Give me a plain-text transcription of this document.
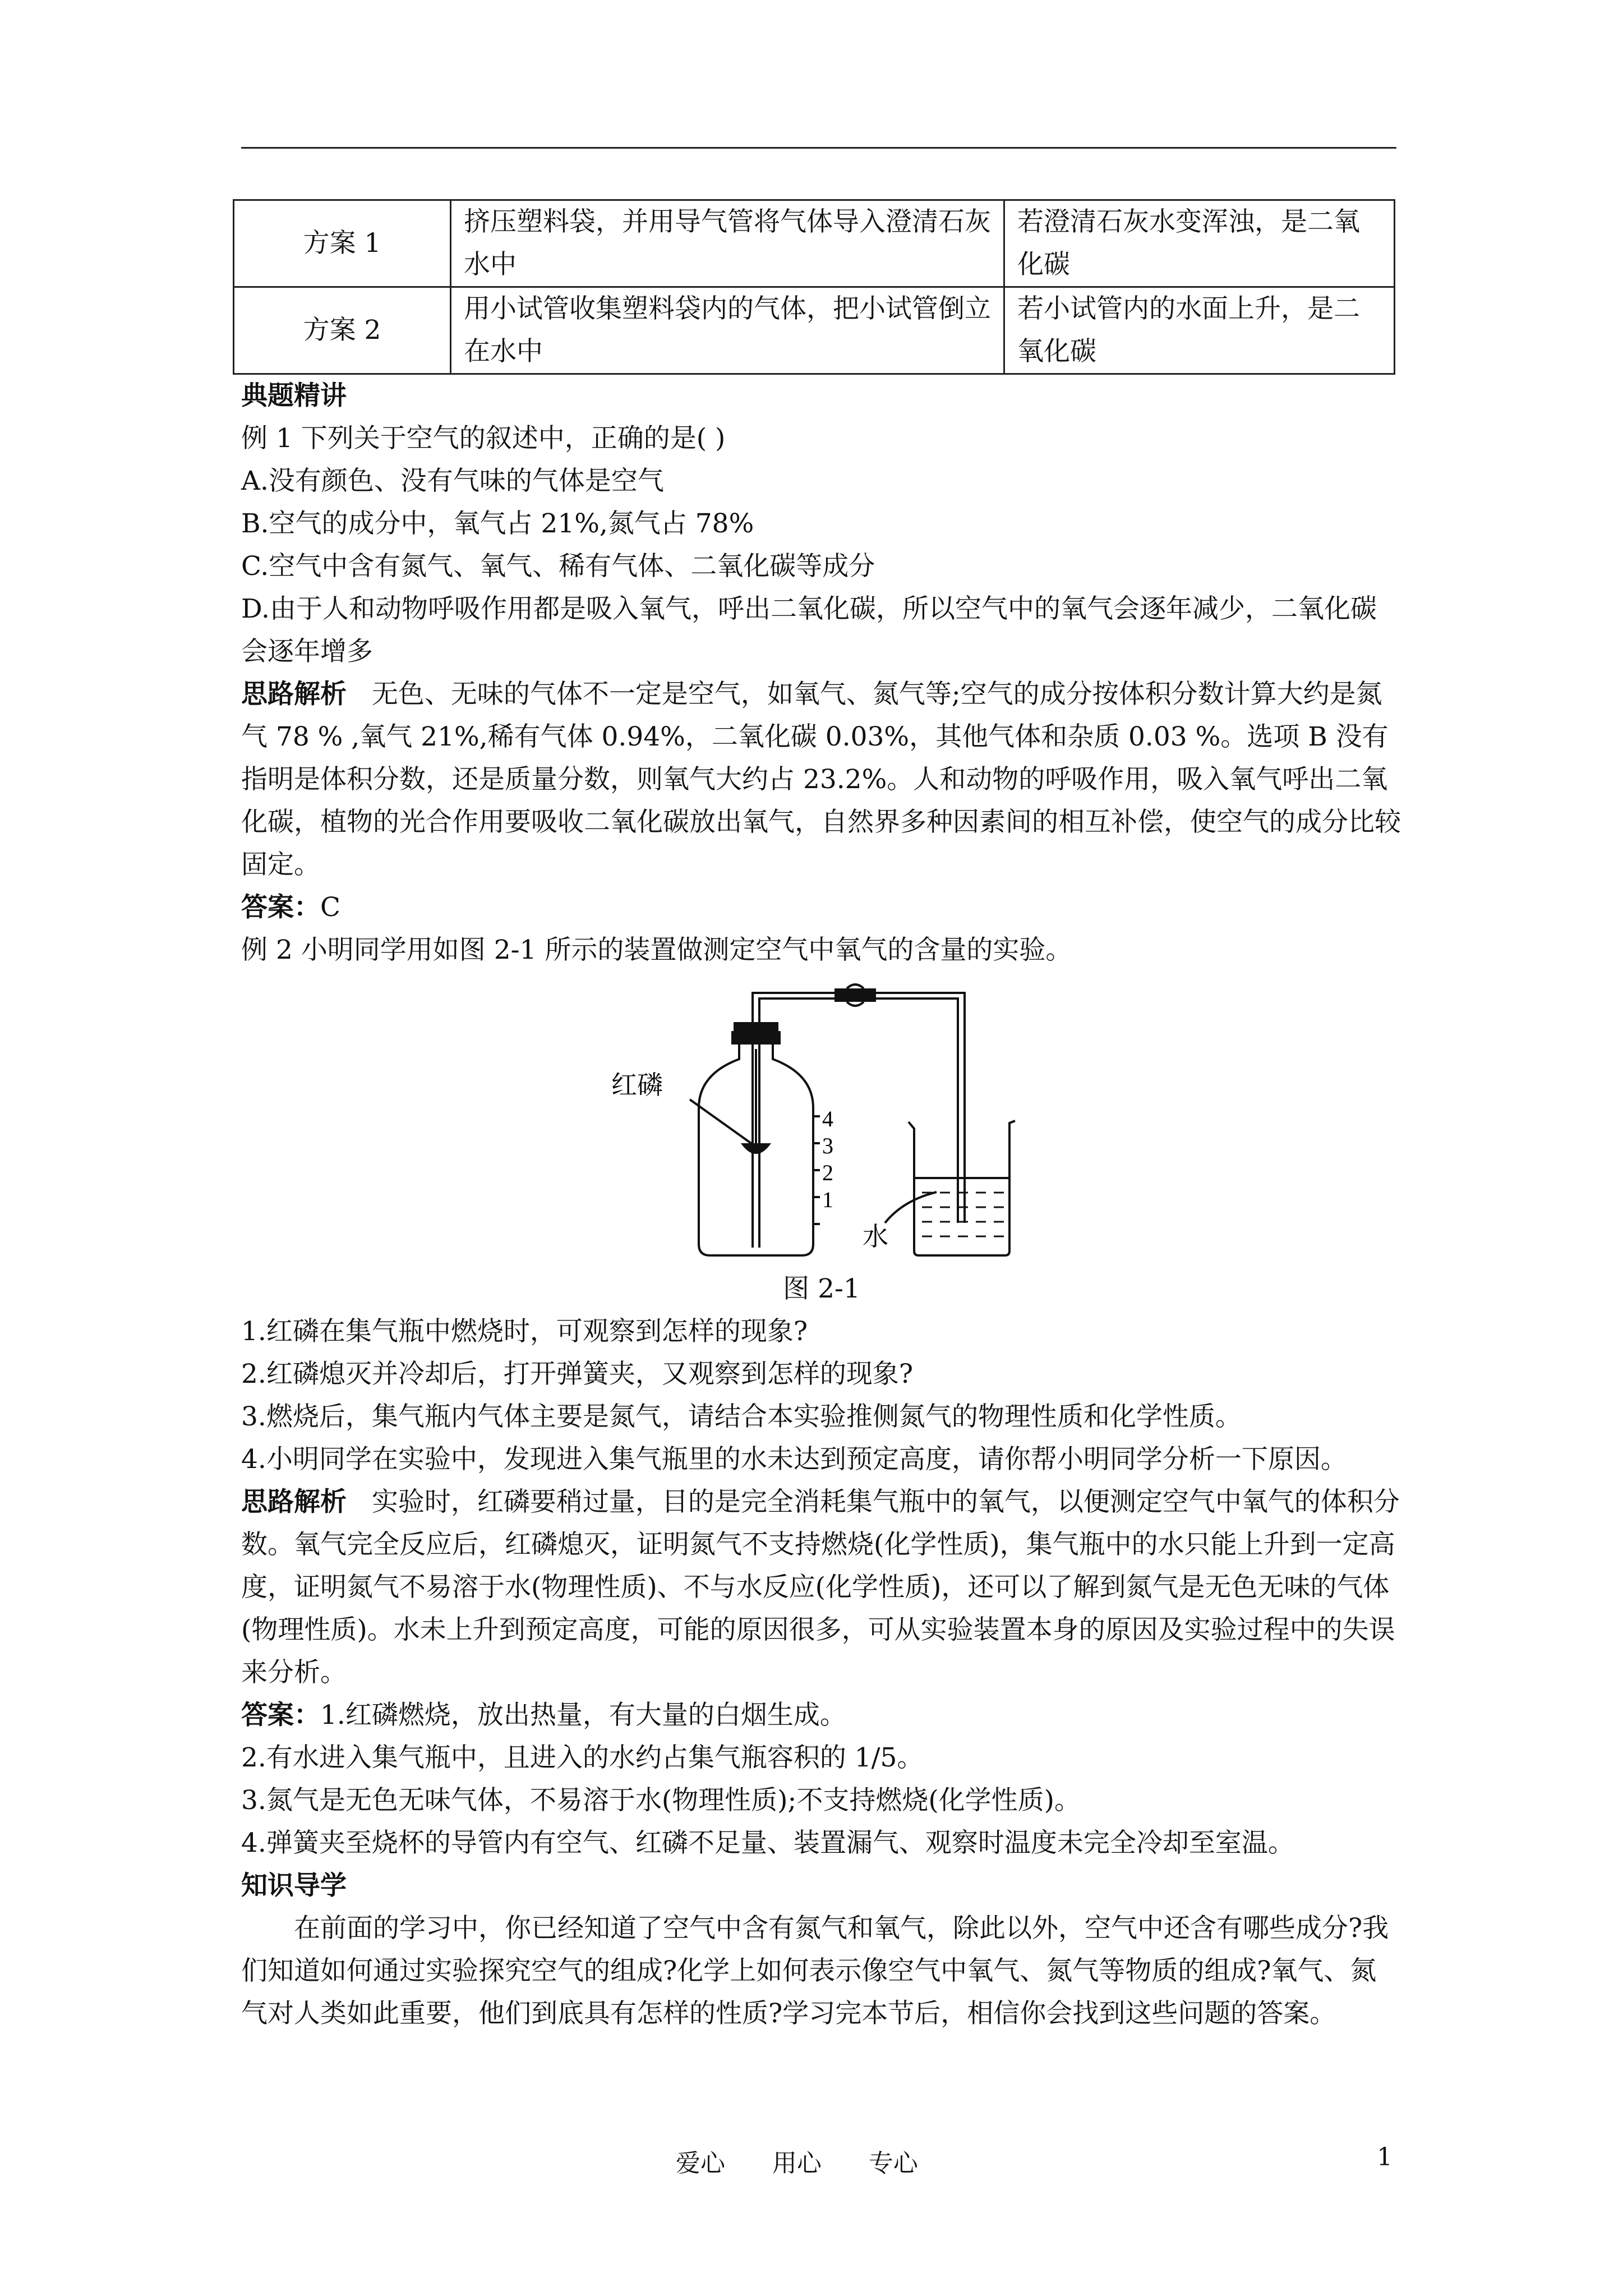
方案 1	挤压塑料袋，并用导气管将气体导入澄清石灰水中	若澄清石灰水变浑浊，是二氧化碳
方案 2	用小试管收集塑料袋内的气体，把小试管倒立在水中	若小试管内的水面上升，是二氧化碳

典题精讲

例 1 下列关于空气的叙述中，正确的是( )

A.没有颜色、没有气味的气体是空气

B.空气的成分中，氧气占 21%,氮气占 78%

C.空气中含有氮气、氧气、稀有气体、二氧化碳等成分

D.由于人和动物呼吸作用都是吸入氧气，呼出二氧化碳，所以空气中的氧气会逐年减少，二氧化碳会逐年增多

思路解析 无色、无味的气体不一定是空气，如氧气、氮气等;空气的成分按体积分数计算大约是氮气 78 % ,氧气 21%,稀有气体 0.94%，二氧化碳 0.03%，其他气体和杂质 0.03 %。选项 B 没有指明是体积分数，还是质量分数，则氧气大约占 23.2%。人和动物的呼吸作用，吸入氧气呼出二氧化碳，植物的光合作用要吸收二氧化碳放出氧气，自然界多种因素间的相互补偿，使空气的成分比较固定。

答案：C

例 2 小明同学用如图 2-1 所示的装置做测定空气中氧气的含量的实验。

红磷
水
4
3
2
1

图 2-1

1.红磷在集气瓶中燃烧时，可观察到怎样的现象?

2.红磷熄灭并冷却后，打开弹簧夹，又观察到怎样的现象?

3.燃烧后，集气瓶内气体主要是氮气，请结合本实验推侧氮气的物理性质和化学性质。

4.小明同学在实验中，发现进入集气瓶里的水未达到预定高度，请你帮小明同学分析一下原因。

思路解析 实验时，红磷要稍过量，目的是完全消耗集气瓶中的氧气，以便测定空气中氧气的体积分数。氧气完全反应后，红磷熄灭，证明氮气不支持燃烧(化学性质)，集气瓶中的水只能上升到一定高度，证明氮气不易溶于水(物理性质)、不与水反应(化学性质)，还可以了解到氮气是无色无味的气体(物理性质)。水未上升到预定高度，可能的原因很多，可从实验装置本身的原因及实验过程中的失误来分析。

答案：1.红磷燃烧，放出热量，有大量的白烟生成。

2.有水进入集气瓶中，且进入的水约占集气瓶容积的 1/5。

3.氮气是无色无味气体，不易溶于水(物理性质);不支持燃烧(化学性质)。

4.弹簧夹至烧杯的导管内有空气、红磷不足量、装置漏气、观察时温度未完全冷却至室温。

知识导学

在前面的学习中，你已经知道了空气中含有氮气和氧气，除此以外，空气中还含有哪些成分?我们知道如何通过实验探究空气的组成?化学上如何表示像空气中氧气、氮气等物质的组成?氧气、氮气对人类如此重要，他们到底具有怎样的性质?学习完本节后，相信你会找到这些问题的答案。

爱心      用心      专心	1
